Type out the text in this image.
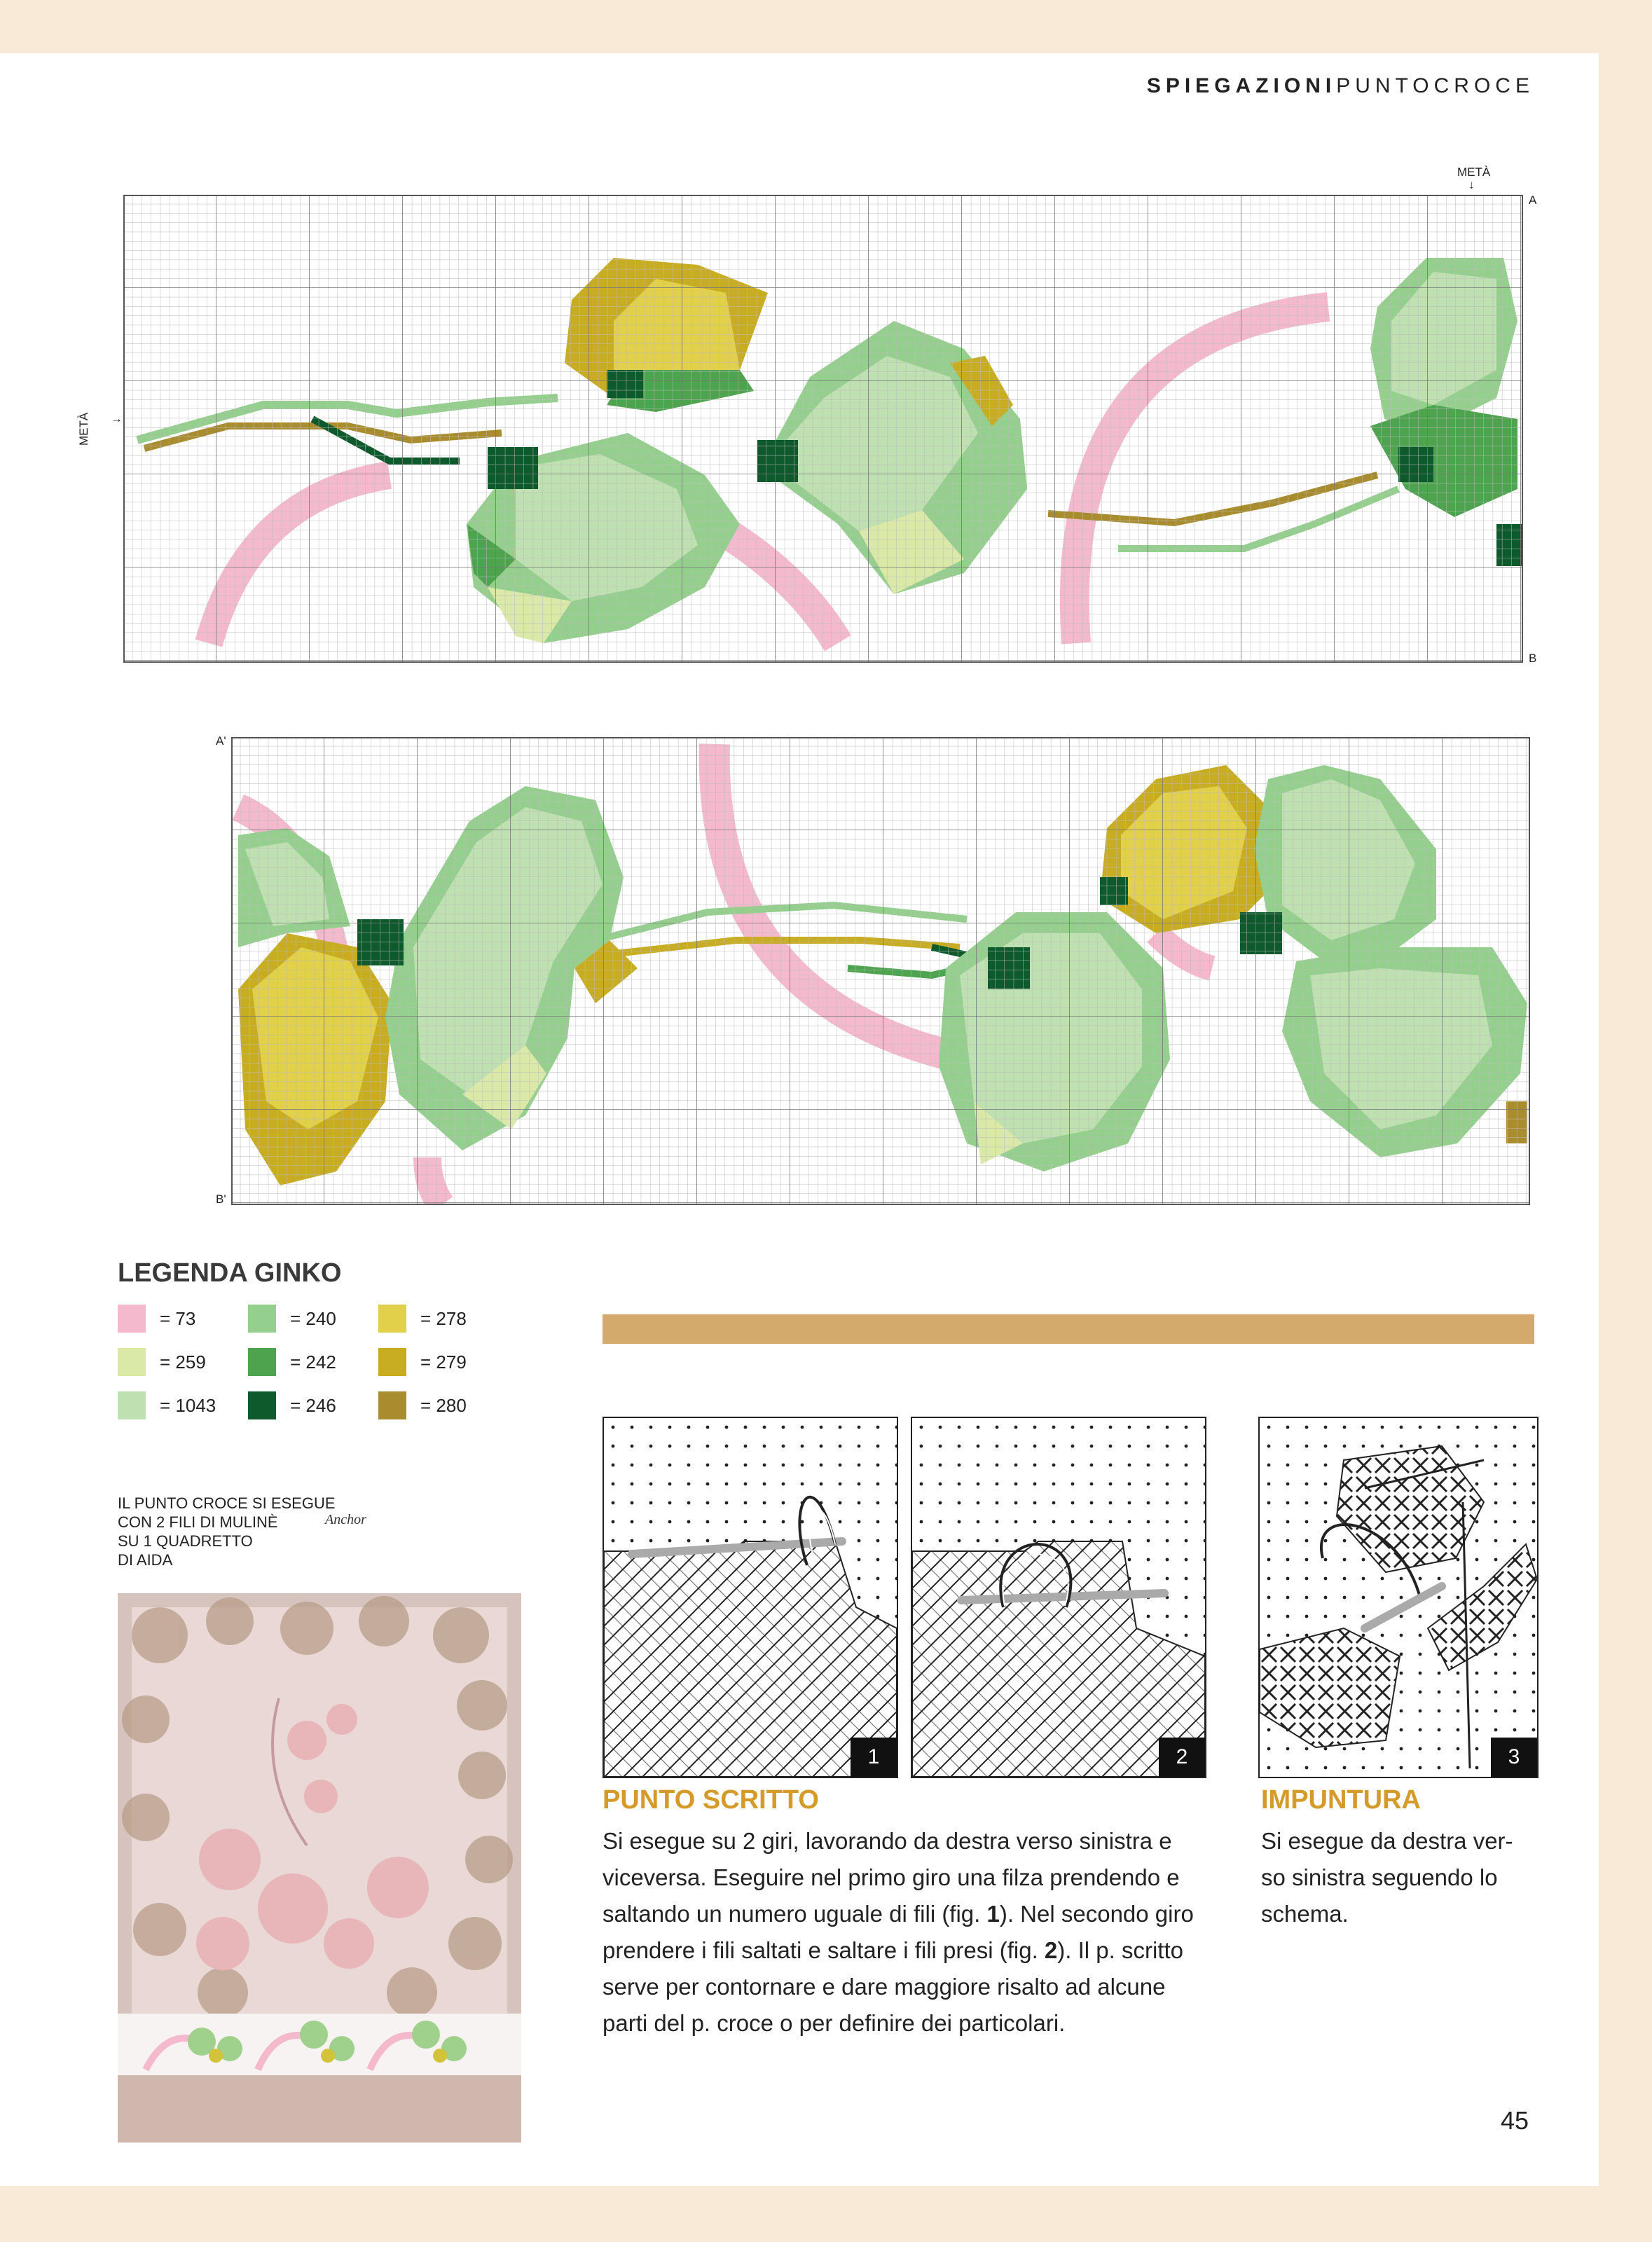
SPIEGAZIONIPUNTOCROCE
METÀ
↓
METÀ →
A
B
A'
B'
LEGENDA GINKO
= 73
= 259
= 1043
= 240
= 242
= 246
= 278
= 279
= 280
IL PUNTO CROCE SI ESEGUE
CON 2 FILI DI MULINÈ
SU 1 QUADRETTO
DI AIDA
Anchor
1	2	3
PUNTO SCRITTO
Si esegue su 2 giri, lavorando da destra verso sinistra e
viceversa. Eseguire nel primo giro una filza prendendo e
saltando un numero uguale di fili (fig. 1). Nel secondo giro
prendere i fili saltati e saltare i fili presi (fig. 2). Il p. scritto
serve per contornare e dare maggiore risalto ad alcune
parti del p. croce o per definire dei particolari.
IMPUNTURA
Si esegue da destra ver-
so sinistra seguendo lo
schema.
45
